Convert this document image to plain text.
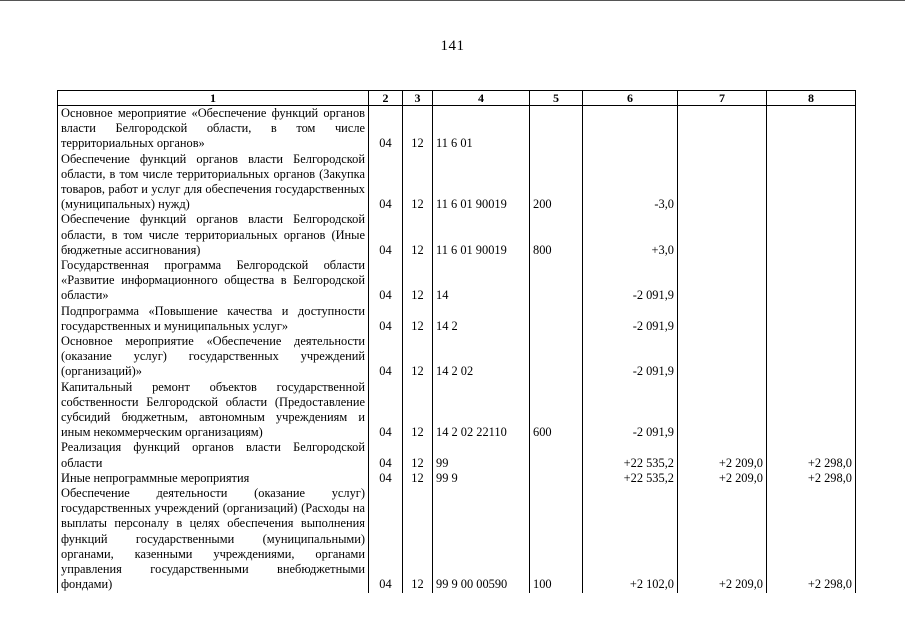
141
1	2	3	4	5	6	7	8
Основное мероприятие «Обеспечение функций органов власти Белгородской области, в том числе территориальных органов»	04	12	11 6 01				
Обеспечение функций органов власти Белгородской области, в том числе территориальных органов (Закупка товаров, работ и услуг для обеспечения государственных (муниципальных) нужд)	04	12	11 6 01 90019	200	-3,0		
Обеспечение функций органов власти Белгородской области, в том числе территориальных органов (Иные бюджетные ассигнования)	04	12	11 6 01 90019	800	+3,0		
Государственная программа Белгородской области «Развитие информационного общества в Белгородской области»	04	12	14		-2 091,9		
Подпрограмма «Повышение качества и доступности государственных и муниципальных услуг»	04	12	14 2		-2 091,9		
Основное мероприятие «Обеспечение деятельности (оказание услуг) государственных учреждений (организаций)»	04	12	14 2 02		-2 091,9		
Капитальный ремонт объектов государственной собственности Белгородской области (Предоставление субсидий бюджетным, автономным учреждениям и иным некоммерческим организациям)	04	12	14 2 02 22110	600	-2 091,9		
Реализация функций органов власти Белгородской области	04	12	99		+22 535,2	+2 209,0	+2 298,0
Иные непрограммные мероприятия	04	12	99 9		+22 535,2	+2 209,0	+2 298,0
Обеспечение деятельности (оказание услуг) государственных учреждений (организаций) (Расходы на выплаты персоналу в целях обеспечения выполнения функций государственными (муниципальными) органами, казенными учреждениями, органами управления государственными внебюджетными фондами)	04	12	99 9 00 00590	100	+2 102,0	+2 209,0	+2 298,0
